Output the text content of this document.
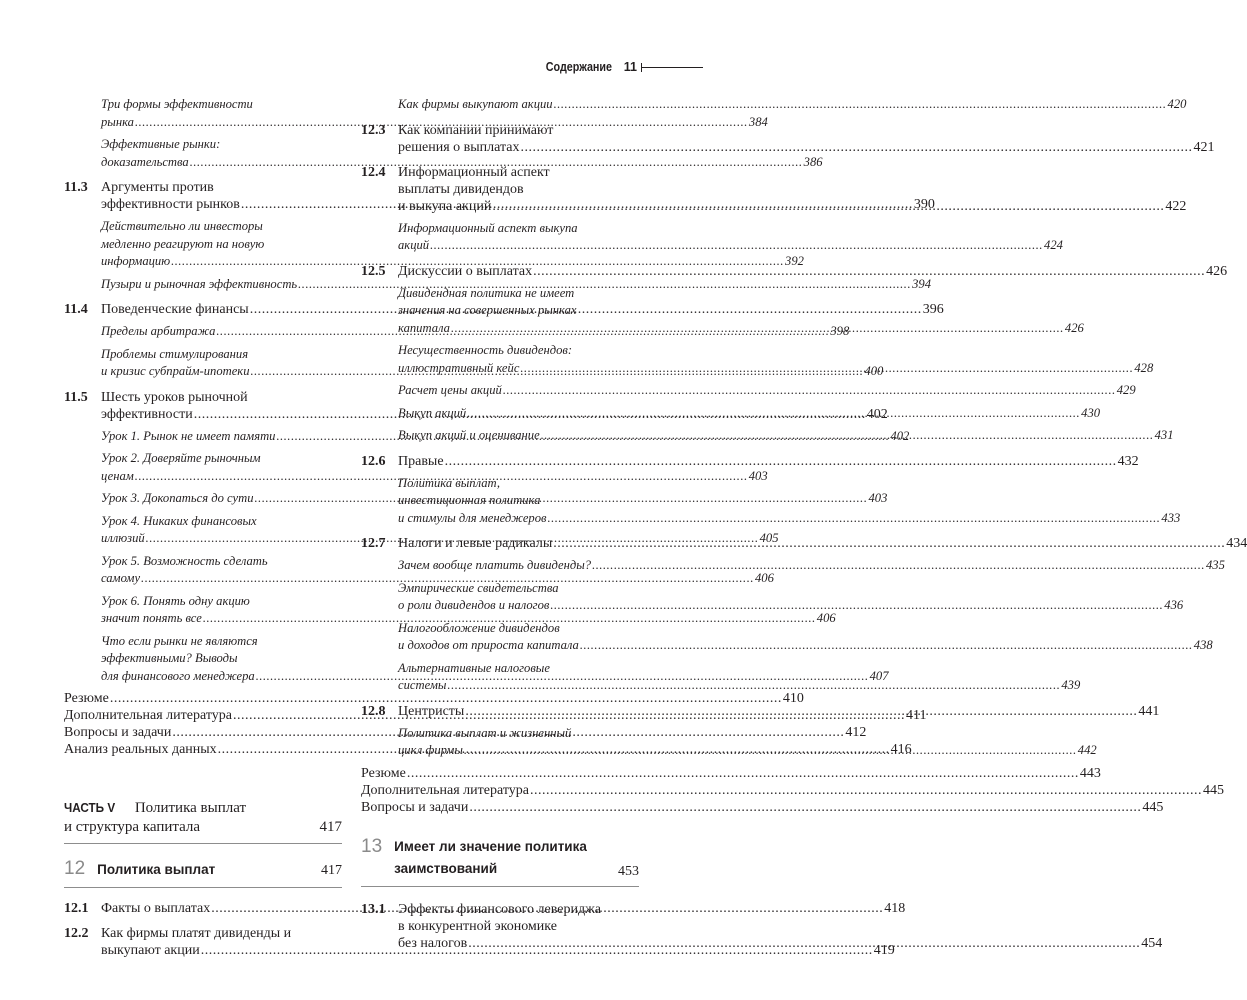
Содержание 11
Три формы эффективности
рынка .....	384
Эффективные рынки:
доказательства .....	386
11.3 Аргументы против
эффективности рынков .....	390
Действительно ли инвесторы
медленно реагируют на новую
информацию .....	392
Пузыри и рыночная эффективность .....	394
11.4 Поведенческие финансы .....	396
Пределы арбитража .....	398
Проблемы стимулирования
и кризис субпрайм-ипотеки .....	400
11.5 Шесть уроков рыночной
эффективности .....	402
Урок 1. Рынок не имеет памяти .....	402
Урок 2. Доверяйте рыночным
ценам .....	403
Урок 3. Докопаться до сути .....	403
Урок 4. Никаких финансовых
иллюзий .....	405
Урок 5. Возможность сделать
самому .....	406
Урок 6. Понять одну акцию
значит понять все .....	406
Что если рынки не являются
эффективными? Выводы
для финансового менеджера .....	407
Резюме .....	410
Дополнительная литература .....	411
Вопросы и задачи .....	412
Анализ реальных данных .....	416
ЧАСТЬ V Политика выплат
и структура капитала	417
12 Политика выплат	417
12.1 Факты о выплатах .....	418
12.2 Как фирмы платят дивиденды и
выкупают акции .....	419
Как фирмы выкупают акции .....	420
12.3 Как компании принимают
решения о выплатах .....	421
12.4 Информационный аспект
выплаты дивидендов
и выкупа акций .....	422
Информационный аспект выкупа
акций .....	424
12.5 Дискуссии о выплатах .....	426
Дивидендная политика не имеет
значения на совершенных рынках
капитала .....	426
Несущественность дивидендов:
иллюстративный кейс .....	428
Расчет цены акций .....	429
Выкуп акций .....	430
Выкуп акций и оценивание .....	431
12.6 Правые .....	432
Политика выплат,
инвестиционная политика
и стимулы для менеджеров .....	433
12.7 Налоги и левые радикалы .....	434
Зачем вообще платить дивиденды? .....	435
Эмпирические свидетельства
о роли дивидендов и налогов .....	436
Налогообложение дивидендов
и доходов от прироста капитала .....	438
Альтернативные налоговые
системы .....	439
12.8 Центристы .....	441
Политика выплат и жизненный
цикл фирмы .....	442
Резюме .....	443
Дополнительная литература .....	445
Вопросы и задачи .....	445
13 Имеет ли значение политика
заимствований	453
13.1 Эффекты финансового левериджа
в конкурентной экономике
без налогов .....	454
